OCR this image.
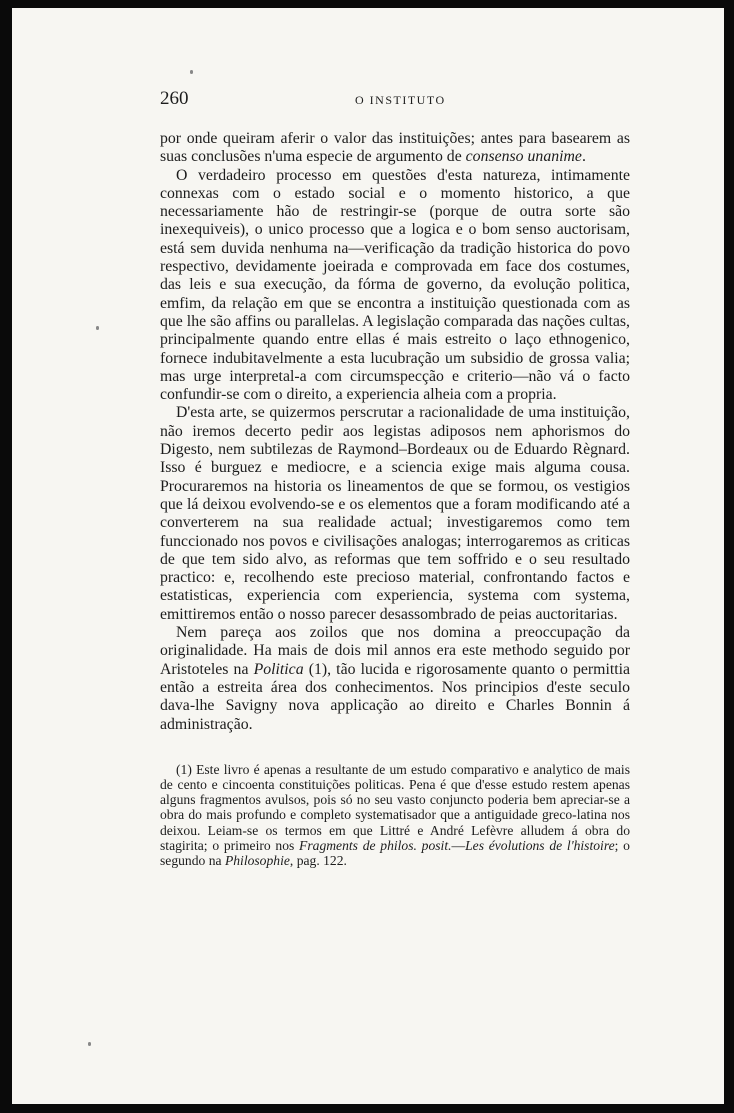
260	O INSTITUTO

por onde queiram aferir o valor das instituições; antes para basearem as suas conclusões n'uma especie de argumento de consenso unanime.

O verdadeiro processo em questões d'esta natureza, intimamente connexas com o estado social e o momento historico, a que necessariamente hão de restringir-se (porque de outra sorte são inexequiveis), o unico processo que a logica e o bom senso auctorisam, está sem duvida nenhuma na—verificação da tradição historica do povo respectivo, devidamente joeirada e comprovada em face dos costumes, das leis e sua execução, da fórma de governo, da evolução politica, emfim, da relação em que se encontra a instituição questionada com as que lhe são affins ou parallelas. A legislação comparada das nações cultas, principalmente quando entre ellas é mais estreito o laço ethnogenico, fornece indubitavelmente a esta lucubração um subsidio de grossa valia; mas urge interpretal-a com circumspecção e criterio—não vá o facto confundir-se com o direito, a experiencia alheia com a propria.

D'esta arte, se quizermos perscrutar a racionalidade de uma instituição, não iremos decerto pedir aos legistas adiposos nem aphorismos do Digesto, nem subtilezas de Raymond–Bordeaux ou de Eduardo Règnard. Isso é burguez e mediocre, e a sciencia exige mais alguma cousa. Procuraremos na historia os lineamentos de que se formou, os vestigios que lá deixou evolvendo-se e os elementos que a foram modificando até a converterem na sua realidade actual; investigaremos como tem funccionado nos povos e civilisações analogas; interrogaremos as criticas de que tem sido alvo, as reformas que tem soffrido e o seu resultado practico: e, recolhendo este precioso material, confrontando factos e estatisticas, experiencia com experiencia, systema com systema, emittiremos então o nosso parecer desassombrado de peias auctoritarias.

Nem pareça aos zoilos que nos domina a preoccupação da originalidade. Ha mais de dois mil annos era este methodo seguido por Aristoteles na Politica (1), tão lucida e rigorosamente quanto o permittia então a estreita área dos conhecimentos. Nos principios d'este seculo dava-lhe Savigny nova applicação ao direito e Charles Bonnin á administração.

(1) Este livro é apenas a resultante de um estudo comparativo e analytico de mais de cento e cincoenta constituições politicas. Pena é que d'esse estudo restem apenas alguns fragmentos avulsos, pois só no seu vasto conjuncto poderia bem apreciar-se a obra do mais profundo e completo systematisador que a antiguidade greco-latina nos deixou. Leiam-se os termos em que Littré e André Lefèvre alludem á obra do stagirita; o primeiro nos Fragments de philos. posit.—Les évolutions de l'histoire; o segundo na Philosophie, pag. 122.
